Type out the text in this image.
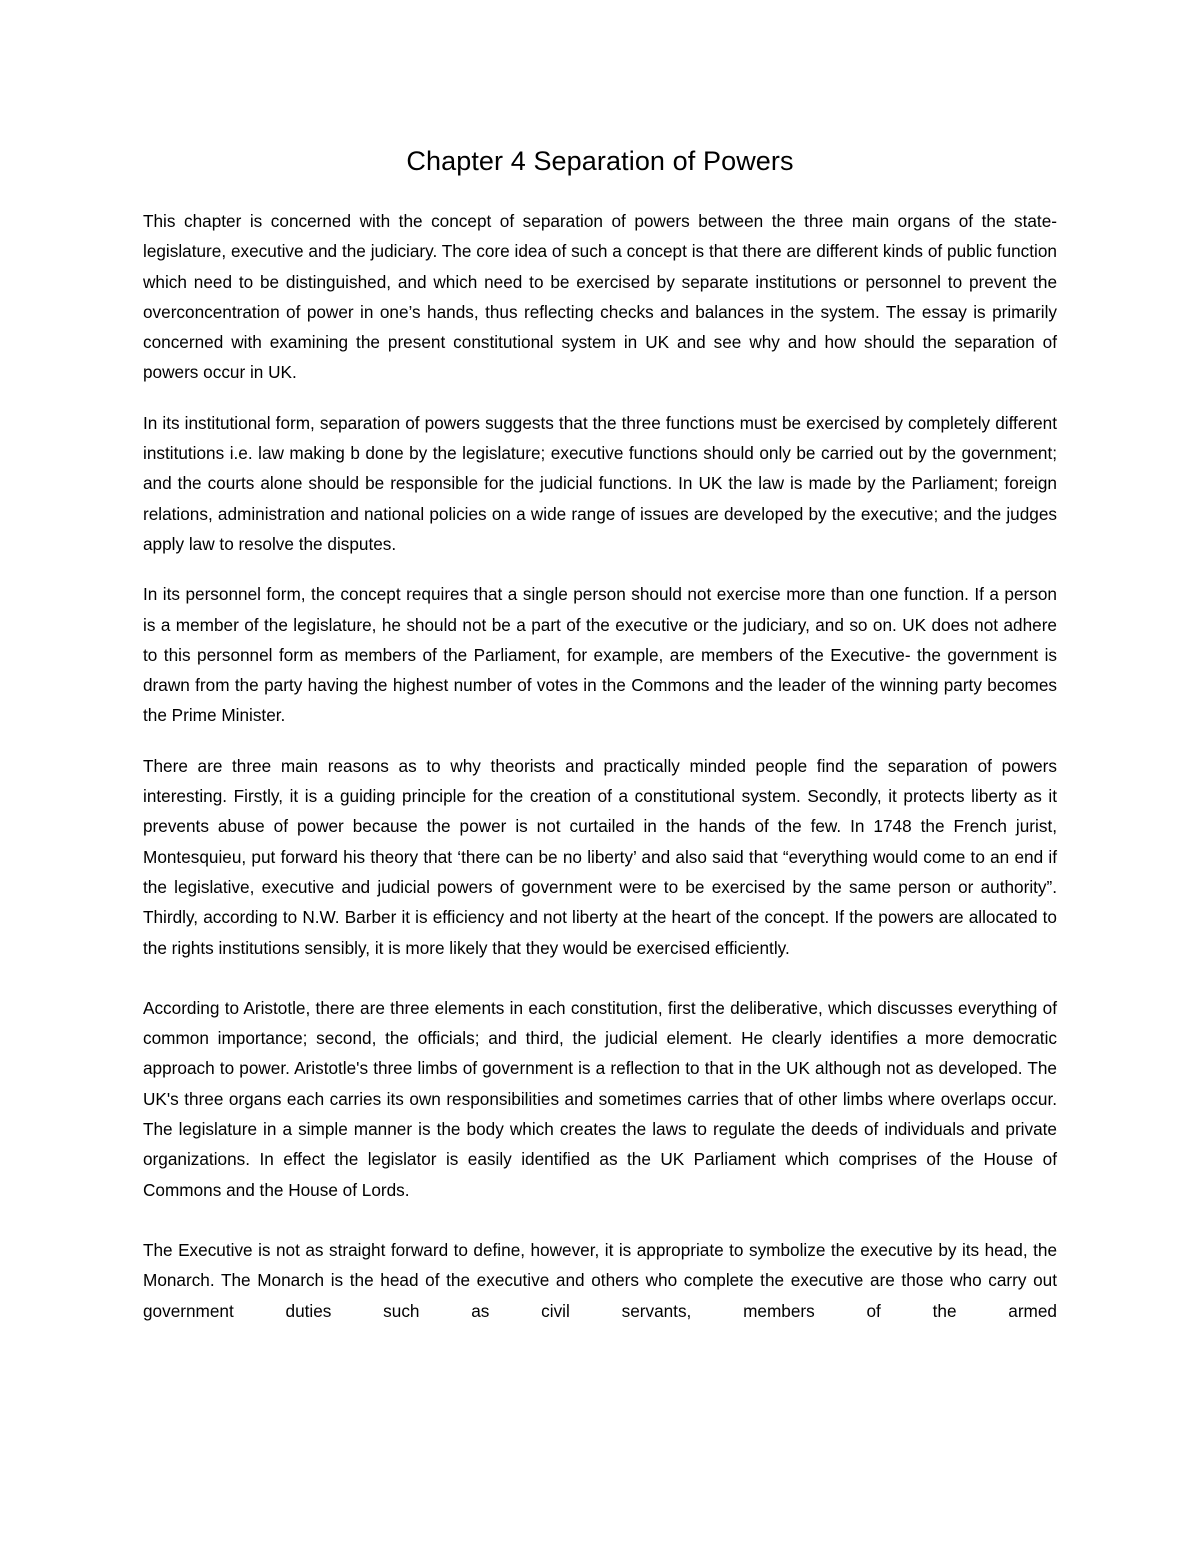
Chapter 4 Separation of Powers

This chapter is concerned with the concept of separation of powers between the three main organs of the state- legislature, executive and the judiciary. The core idea of such a concept is that there are different kinds of public function which need to be distinguished, and which need to be exercised by separate institutions or personnel to prevent the overconcentration of power in one’s hands, thus reflecting checks and balances in the system. The essay is primarily concerned with examining the present constitutional system in UK and see why and how should the separation of powers occur in UK.

In its institutional form, separation of powers suggests that the three functions must be exercised by completely different institutions i.e. law making b done by the legislature; executive functions should only be carried out by the government; and the courts alone should be responsible for the judicial functions. In UK the law is made by the Parliament; foreign relations, administration and national policies on a wide range of issues are developed by the executive; and the judges apply law to resolve the disputes.

In its personnel form, the concept requires that a single person should not exercise more than one function. If a person is a member of the legislature, he should not be a part of the executive or the judiciary, and so on. UK does not adhere to this personnel form as members of the Parliament, for example, are members of the Executive- the government is drawn from the party having the highest number of votes in the Commons and the leader of the winning party becomes the Prime Minister.

There are three main reasons as to why theorists and practically minded people find the separation of powers interesting. Firstly, it is a guiding principle for the creation of a constitutional system. Secondly, it protects liberty as it prevents abuse of power because the power is not curtailed in the hands of the few. In 1748 the French jurist, Montesquieu, put forward his theory that ‘there can be no liberty’ and also said that “everything would come to an end if the legislative, executive and judicial powers of government were to be exercised by the same person or authority”. Thirdly, according to N.W. Barber it is efficiency and not liberty at the heart of the concept. If the powers are allocated to the rights institutions sensibly, it is more likely that they would be exercised efficiently.

According to Aristotle, there are three elements in each constitution, first the deliberative, which discusses everything of common importance; second, the officials; and third, the judicial element. He clearly identifies a more democratic approach to power. Aristotle's three limbs of government is a reflection to that in the UK although not as developed. The UK's three organs each carries its own responsibilities and sometimes carries that of other limbs where overlaps occur. The legislature in a simple manner is the body which creates the laws to regulate the deeds of individuals and private organizations. In effect the legislator is easily identified as the UK Parliament which comprises of the House of Commons and the House of Lords.

The Executive is not as straight forward to define, however, it is appropriate to symbolize the executive by its head, the Monarch. The Monarch is the head of the executive and others who complete the executive are those who carry out government duties such as civil servants, members of the armed
